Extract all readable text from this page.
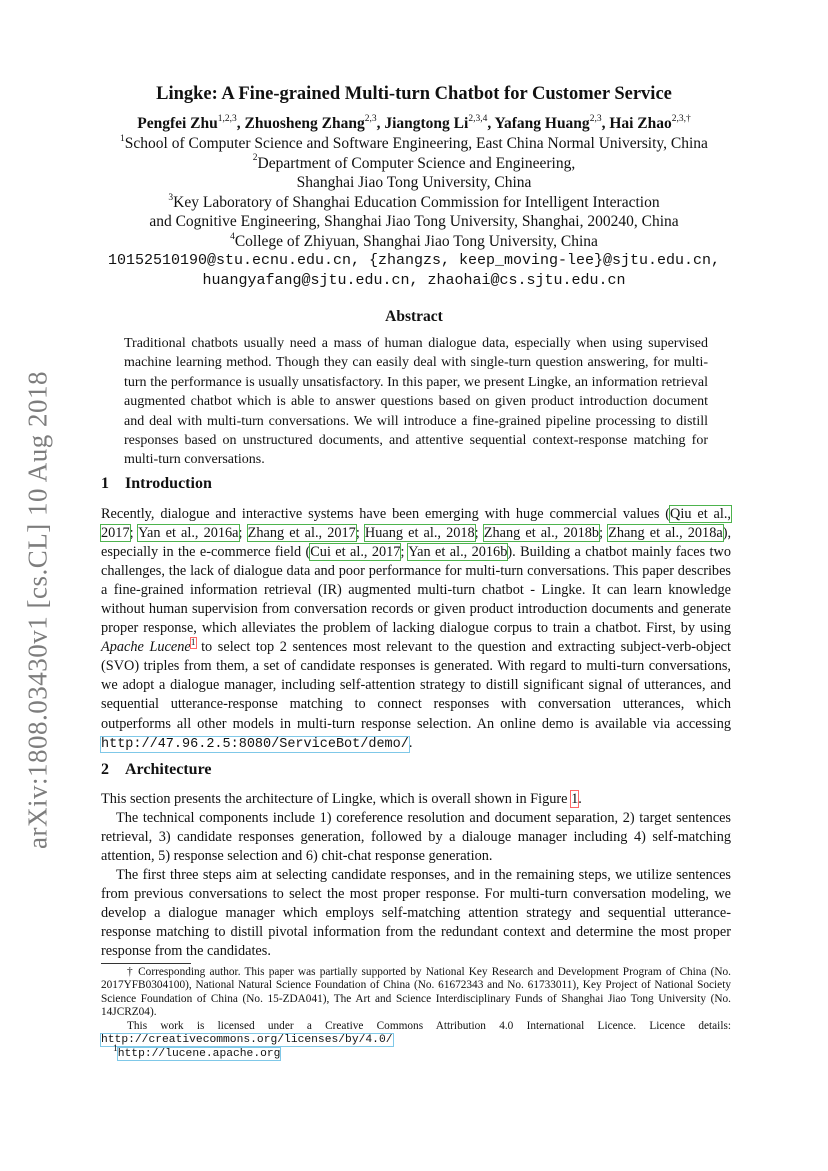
arXiv:1808.03430v1 [cs.CL] 10 Aug 2018
Lingke: A Fine-grained Multi-turn Chatbot for Customer Service
Pengfei Zhu$^{1,2,3}$, Zhuosheng Zhang$^{2,3}$, Jiangtong Li$^{2,3,4}$, Yafang Huang$^{2,3}$, Hai Zhao$^{2,3,\dagger}$
$^1$School of Computer Science and Software Engineering, East China Normal University, China
$^2$Department of Computer Science and Engineering,
Shanghai Jiao Tong University, China
$^3$Key Laboratory of Shanghai Education Commission for Intelligent Interaction
and Cognitive Engineering, Shanghai Jiao Tong University, Shanghai, 200240, China
$^4$College of Zhiyuan, Shanghai Jiao Tong University, China
10152510190@stu.ecnu.edu.cn, {zhangzs, keep_moving-lee}@sjtu.edu.cn,
huangyafang@sjtu.edu.cn, zhaohai@cs.sjtu.edu.cn
Abstract
Traditional chatbots usually need a mass of human dialogue data, especially when using supervised machine learning method. Though they can easily deal with single-turn question answering, for multi-turn the performance is usually unsatisfactory. In this paper, we present Lingke, an information retrieval augmented chatbot which is able to answer questions based on given product introduction document and deal with multi-turn conversations. We will introduce a fine-grained pipeline processing to distill responses based on unstructured documents, and attentive sequential context-response matching for multi-turn conversations.
1 Introduction
Recently, dialogue and interactive systems have been emerging with huge commercial values (Qiu et al., 2017; Yan et al., 2016a; Zhang et al., 2017; Huang et al., 2018; Zhang et al., 2018b; Zhang et al., 2018a), especially in the e-commerce field (Cui et al., 2017; Yan et al., 2016b). Building a chatbot mainly faces two challenges, the lack of dialogue data and poor performance for multi-turn conversations. This paper describes a fine-grained information retrieval (IR) augmented multi-turn chatbot - Lingke. It can learn knowledge without human supervision from conversation records or given product introduction documents and generate proper response, which alleviates the problem of lacking dialogue corpus to train a chatbot. First, by using Apache Lucene$^1$ to select top 2 sentences most relevant to the question and extracting subject-verb-object (SVO) triples from them, a set of candidate responses is generated. With regard to multi-turn conversations, we adopt a dialogue manager, including self-attention strategy to distill significant signal of utterances, and sequential utterance-response matching to connect responses with conversation utterances, which outperforms all other models in multi-turn response selection. An online demo is available via accessing http://47.96.2.5:8080/ServiceBot/demo/.
2 Architecture

This section presents the architecture of Lingke, which is overall shown in Figure 1.

The technical components include 1) coreference resolution and document separation, 2) target sentences retrieval, 3) candidate responses generation, followed by a dialouge manager including 4) self-matching attention, 5) response selection and 6) chit-chat response generation.

The first three steps aim at selecting candidate responses, and in the remaining steps, we utilize sentences from previous conversations to select the most proper response. For multi-turn conversation modeling, we develop a dialogue manager which employs self-matching attention strategy and sequential utterance-response matching to distill pivotal information from the redundant context and determine the most proper response from the candidates.

† Corresponding author. This paper was partially supported by National Key Research and Development Program of China (No. 2017YFB0304100), National Natural Science Foundation of China (No. 61672343 and No. 61733011), Key Project of National Society Science Foundation of China (No. 15-ZDA041), The Art and Science Interdisciplinary Funds of Shanghai Jiao Tong University (No. 14JCRZ04).

This work is licensed under a Creative Commons Attribution 4.0 International Licence. Licence details: http://creativecommons.org/licenses/by/4.0/

$^1$http://lucene.apache.org
